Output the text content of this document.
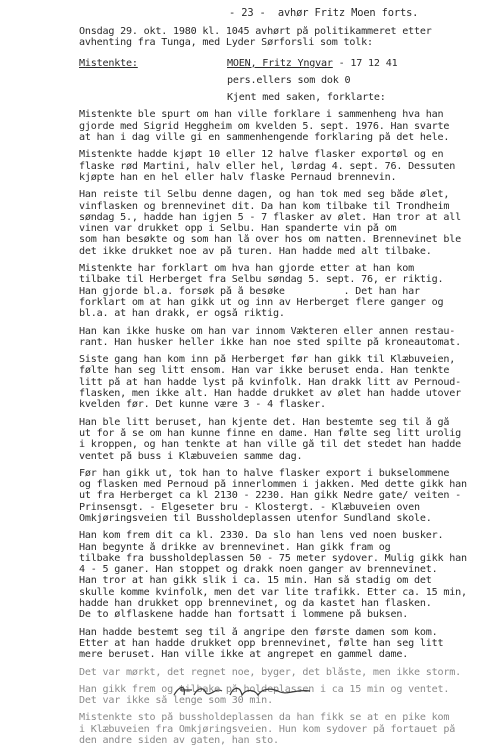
- 23 -  avhør Fritz Moen forts.
Onsdag 29. okt. 1980 kl. 1045 avhørt på politikammeret etter
avhenting fra Tunga, med Lyder Sørforsli som tolk:
Mistenkte:	MOEN, Fritz Yngvar - 17 12 41
pers.ellers som dok 0
Kjent med saken, forklarte:
Mistenkte ble spurt om han ville forklare i sammenheng hva han
gjorde med Sigrid Heggheim om kvelden 5. sept. 1976. Han svarte
at han i dag ville gi en sammenhengende forklaring på det hele.
Mistenkte hadde kjøpt 10 eller 12 halve flasker exportøl og en
flaske rød Martini, halv eller hel, lørdag 4. sept. 76. Dessuten
kjøpte han en hel eller halv flaske Pernaud brennevin.
Han reiste til Selbu denne dagen, og han tok med seg både ølet,
vinflasken og brennevinet dit. Da han kom tilbake til Trondheim
søndag 5., hadde han igjen 5 - 7 flasker av ølet. Han tror at all
vinen var drukket opp i Selbu. Han spanderte vin på om
som han besøkte og som han lå over hos om natten. Brennevinet ble
det ikke drukket noe av på turen. Han hadde med alt tilbake.
Mistenkte har forklart om hva han gjorde etter at han kom
tilbake til Herberget fra Selbu søndag 5. sept. 76, er riktig.
Han gjorde bl.a. forsøk på å besøke          . Det han har
forklart om at han gikk ut og inn av Herberget flere ganger og
bl.a. at han drakk, er også riktig.
Han kan ikke huske om han var innom Vækteren eller annen restau-
rant. Han husker heller ikke han noe sted spilte på kroneautomat.
Siste gang han kom inn på Herberget før han gikk til Klæbuveien,
følte han seg litt ensom. Han var ikke beruset enda. Han tenkte
litt på at han hadde lyst på kvinfolk. Han drakk litt av Pernoud-
flasken, men ikke alt. Han hadde drukket av ølet han hadde utover
kvelden før. Det kunne være 3 - 4 flasker.
Han ble litt beruset, han kjente det. Han bestemte seg til å gå
ut for å se om han kunne finne en dame. Han følte seg litt urolig
i kroppen, og han tenkte at han ville gå til det stedet han hadde
ventet på buss i Klæbuveien samme dag.
Før han gikk ut, tok han to halve flasker export i bukselommene
og flasken med Pernoud på innerlommen i jakken. Med dette gikk han
ut fra Herberget ca kl 2130 - 2230. Han gikk Nedre gate/ veiten -
Prinsensgt. - Elgeseter bru - Klostergt. - Klæbuveien oven
Omkjøringsveien til Bussholdeplassen utenfor Sundland skole.
Han kom frem dit ca kl. 2330. Da slo han lens ved noen busker.
Han begynte å drikke av brennevinet. Han gikk fram og
tilbake fra bussholdeplassen 50 - 75 meter sydover. Mulig gikk han
4 - 5 ganer. Han stoppet og drakk noen ganger av brennevinet.
Han tror at han gikk slik i ca. 15 min. Han så stadig om det
skulle komme kvinfolk, men det var lite trafikk. Etter ca. 15 min,
hadde han drukket opp brennevinet, og da kastet han flasken.
De to ølflaskene hadde han fortsatt i lommene på buksen.
Han hadde bestemt seg til å angripe den første damen som kom.
Etter at han hadde drukket opp brennevinet, følte han seg litt
mere beruset. Han ville ikke at angrepet en gammel dame.
Det var mørkt, det regnet noe, byger, det blåste, men ikke storm.
Han gikk frem og tilbake på holdeplassen i ca 15 min og ventet.
Det var ikke så lenge som 30 min.
Mistenkte sto på bussholdeplassen da han fikk se at en pike kom
i Klæbuveien fra Omkjøringsveien. Hun kom sydover på fortauet på
den andre siden av gaten, han sto.
